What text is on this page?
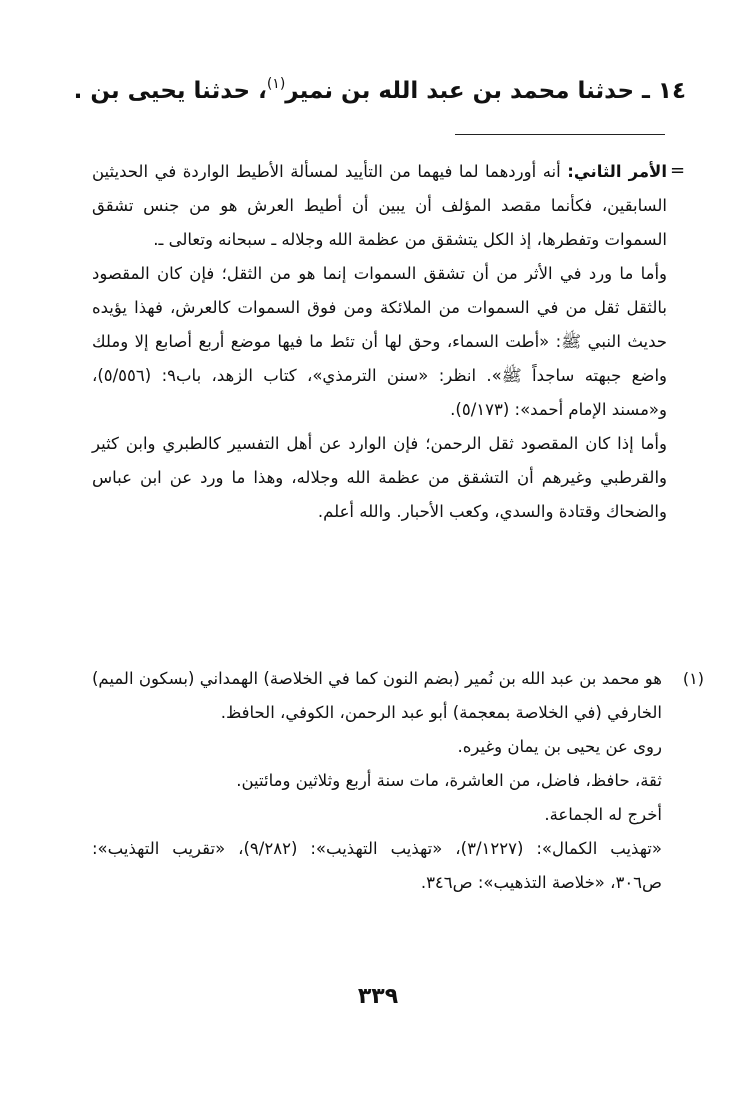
١٤ ـ حدثنا محمد بن عبد الله بن نمير$^{(١)}$، حدثنا يحيى بن .
=

الأمر الثاني: أنه أوردهما لما فيهما من التأييد لمسألة الأطيط الواردة في الحديثين السابقين، فكأنما مقصد المؤلف أن يبين أن أطيط العرش هو من جنس تشقق السموات وتفطرها، إذ الكل يتشقق من عظمة الله وجلاله ـ سبحانه وتعالى ـ.

وأما ما ورد في الأثر من أن تشقق السموات إنما هو من الثقل؛ فإن كان المقصود بالثقل ثقل من في السموات من الملائكة ومن فوق السموات كالعرش، فهذا يؤيده حديث النبي ﷺ: «أطت السماء، وحق لها أن تئط ما فيها موضع أربع أصابع إلا وملك واضع جبهته ساجداً ﷺ». انظر: «سنن الترمذي»، كتاب الزهد، باب٩: (٥/٥٥٦)، و«مسند الإمام أحمد»: (٥/١٧٣).

وأما إذا كان المقصود ثقل الرحمن؛ فإن الوارد عن أهل التفسير كالطبري وابن كثير والقرطبي وغيرهم أن التشقق من عظمة الله وجلاله، وهذا ما ورد عن ابن عباس والضحاك وقتادة والسدي، وكعب الأحبار. والله أعلم.

(١)

هو محمد بن عبد الله بن نُمير (بضم النون كما في الخلاصة) الهمداني (بسكون الميم) الخارفي (في الخلاصة بمعجمة) أبو عبد الرحمن، الكوفي، الحافظ.

روى عن يحيى بن يمان وغيره.

ثقة، حافظ، فاضل، من العاشرة، مات سنة أربع وثلاثين ومائتين.

أخرج له الجماعة.

«تهذيب الكمال»: (٣/١٢٢٧)، «تهذيب التهذيب»: (٩/٢٨٢)، «تقريب التهذيب»: ص٣٠٦، «خلاصة التذهيب»: ص٣٤٦.

٣٣٩
